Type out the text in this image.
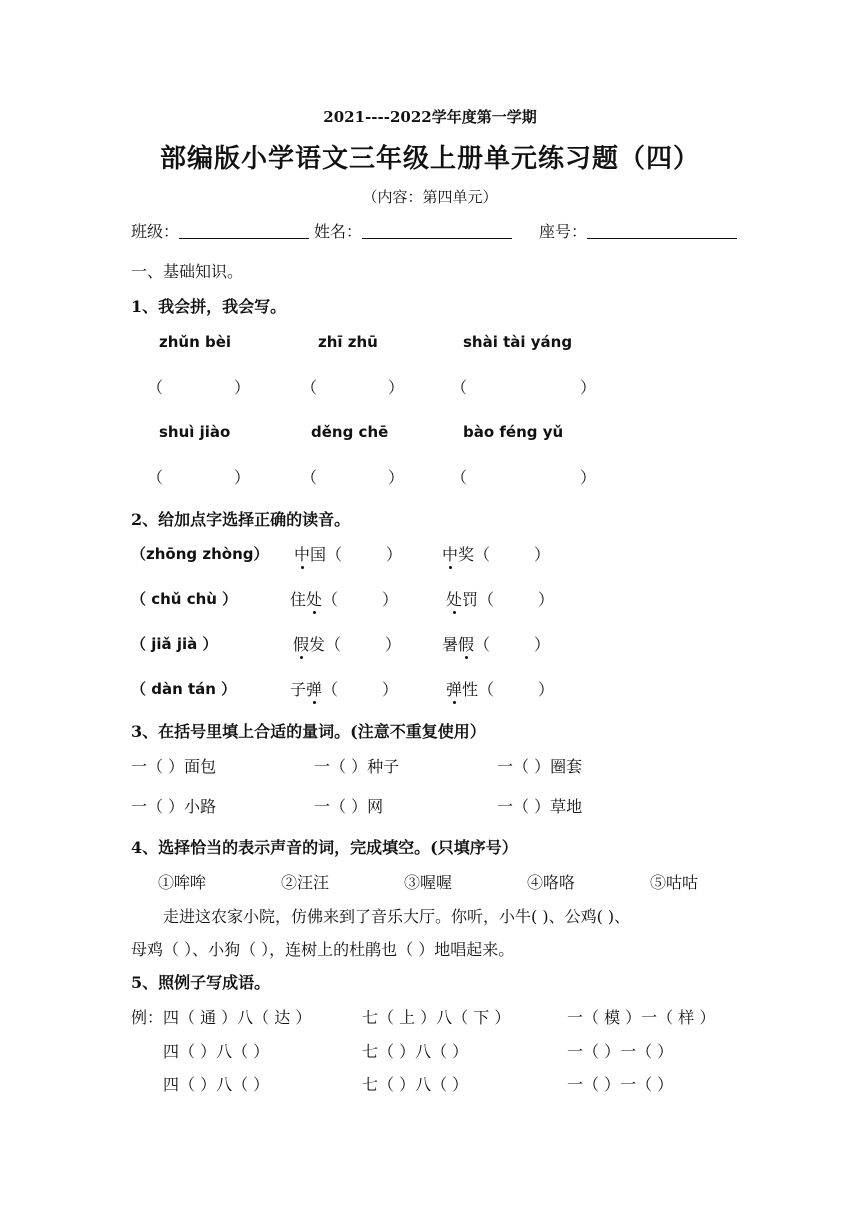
2021----2022学年度第一学期
部编版小学语文三年级上册单元练习题（四）
（内容：第四单元）
班级：	姓名：	座号：
一、基础知识。
1、我会拼，我会写。
zhǔn bèi	zhī zhū	shài tài yáng
（	）	（	）	（	）
shuì jiào	děng chē	bào féng yǔ
（	）	（	）	（	）
2、给加点字选择正确的读音。
（zhōng zhòng） 中国（	） 中奖（	）
（ chǔ chù ）	住处（	）	处罚（	）
（ jiǎ jià ）	假发（	）	暑假（	）
（ dàn tán ）	子弹（	）	弹性（	）
3、在括号里填上合适的量词。(注意不重复使用）
一（ ）面包	一（ ）种子	一（ ）圈套
一（ ）小路	一（ ）网	一（ ）草地
4、选择恰当的表示声音的词，完成填空。(只填序号）
①哞哞	②汪汪	③喔喔	④咯咯	⑤咕咕
走进这农家小院，仿佛来到了音乐大厅。你听，小牛( )、公鸡( )、
母鸡（ ）、小狗（ ），连树上的杜鹃也（ ）地唱起来。
5、照例子写成语。
例： 四（ 通 ）八（ 达 ）	七（ 上 ）八（ 下 ）	一（ 模 ）一（ 样 ）
四（ ）八（ ）	七（ ）八（ ）	一（ ）一（ ）
四（ ）八（ ）	七（ ）八（ ）	一（ ）一（ ）
